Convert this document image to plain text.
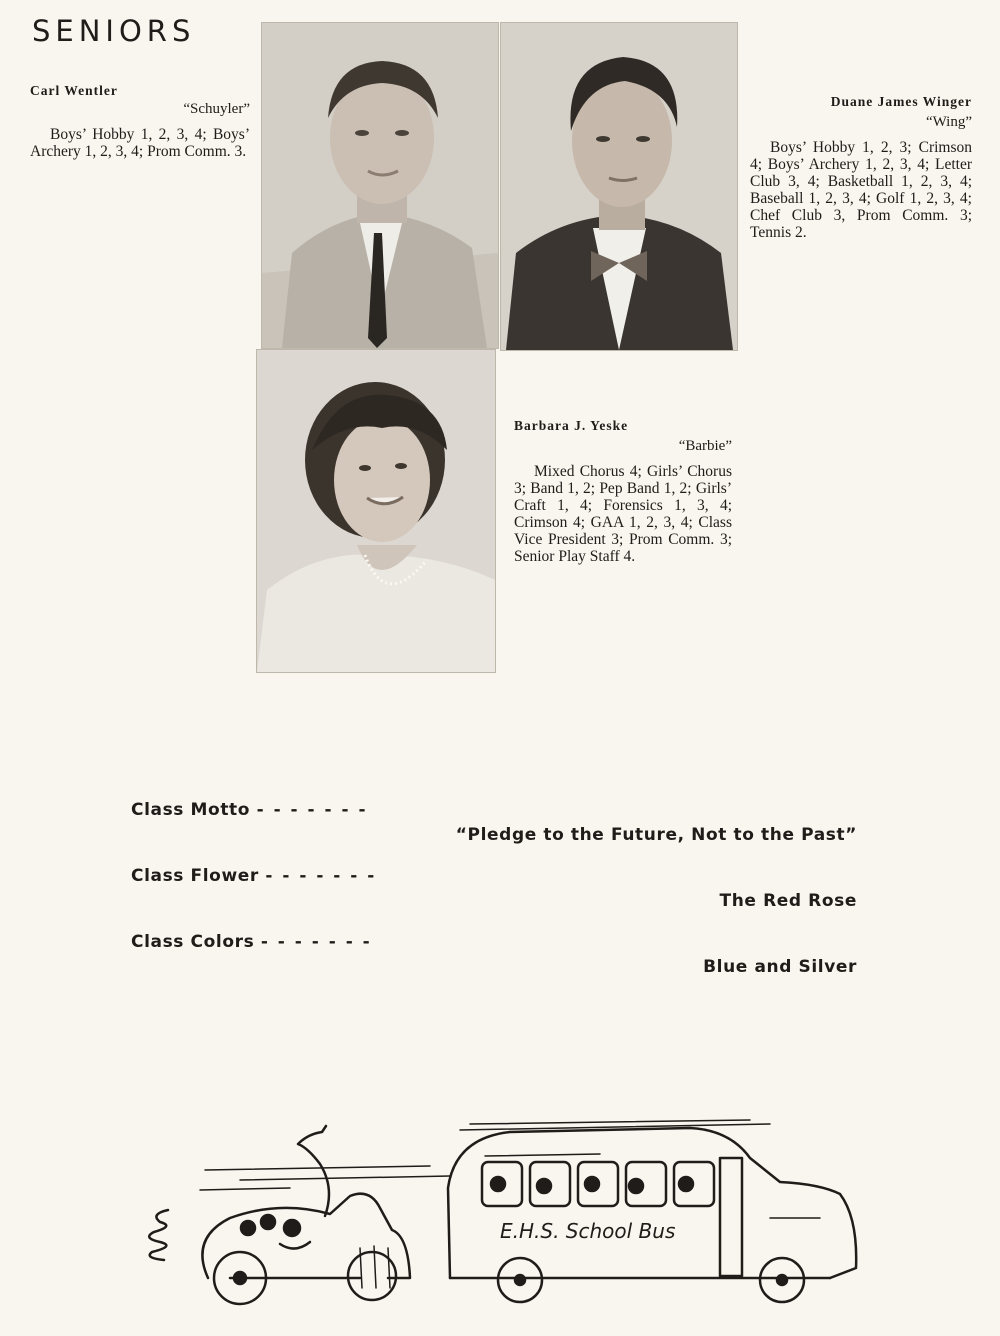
SENIORS
Carl Wentler
“Schuyler”
Boys’ Hobby 1, 2, 3, 4; Boys’ Archery 1, 2, 3, 4; Prom Comm. 3.
Duane James Winger
“Wing”
Boys’ Hobby 1, 2, 3; Crimson 4; Boys’ Archery 1, 2, 3, 4; Letter Club 3, 4; Basketball 1, 2, 3, 4; Baseball 1, 2, 3, 4; Golf 1, 2, 3, 4; Chef Club 3, Prom Comm. 3; Tennis 2.
Barbara J. Yeske
“Barbie”
Mixed Chorus 4; Girls’ Chorus 3; Band 1, 2; Pep Band 1, 2; Girls’ Craft 1, 4; Forensics 1, 3, 4; Crimson 4; GAA 1, 2, 3, 4; Class Vice President 3; Prom Comm. 3; Senior Play Staff 4.
Class Motto - - - - - - -
“Pledge to the Future, Not to the Past”
Class Flower - - - - - - -
The Red Rose
Class Colors - - - - - - -
Blue and Silver
E.H.S. School Bus
